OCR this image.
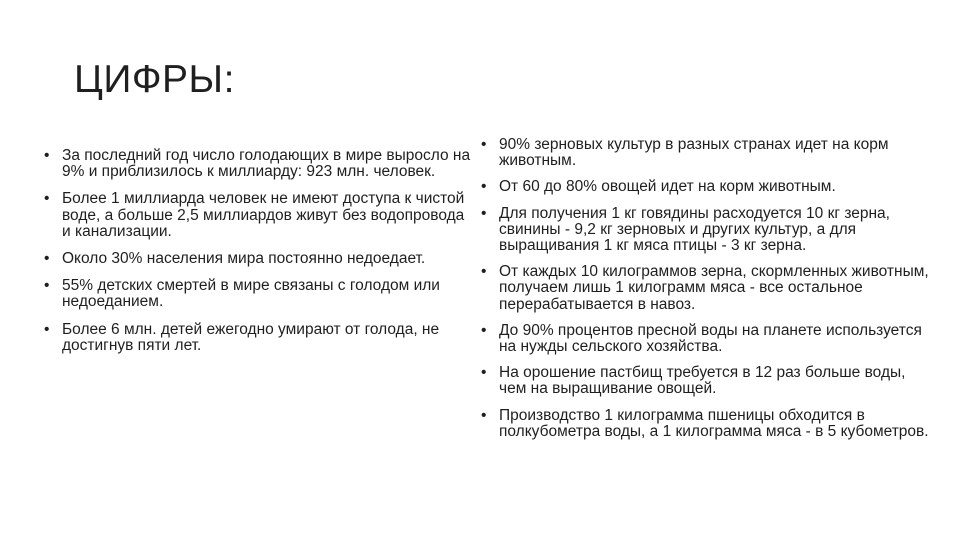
ЦИФРЫ:
• За последний год число голодающих в мире выросло на 9% и приблизилось к миллиарду: 923 млн. человек.
• Более 1 миллиарда человек не имеют доступа к чистой воде, а больше 2,5 миллиардов живут без водопровода и канализации.
• Около 30% населения мира постоянно недоедает.
• 55% детских смертей в мире связаны с голодом или недоеданием.
• Более 6 млн. детей ежегодно умирают от голода, не достигнув пяти лет.
• 90% зерновых культур в разных странах идет на корм животным.
• От 60 до 80% овощей идет на корм животным.
• Для получения 1 кг говядины расходуется 10 кг зерна, свинины - 9,2 кг зерновых и других культур, а для выращивания 1 кг мяса птицы - 3 кг зерна.
• От каждых 10 килограммов зерна, скормленных животным, получаем лишь 1 килограмм мяса - все остальное перерабатывается в навоз.
• До 90% процентов пресной воды на планете используется на нужды сельского хозяйства.
• На орошение пастбищ требуется в 12 раз больше воды, чем на выращивание овощей.
• Производство 1 килограмма пшеницы обходится в полкубометра воды, а 1 килограмма мяса - в 5 кубометров.
